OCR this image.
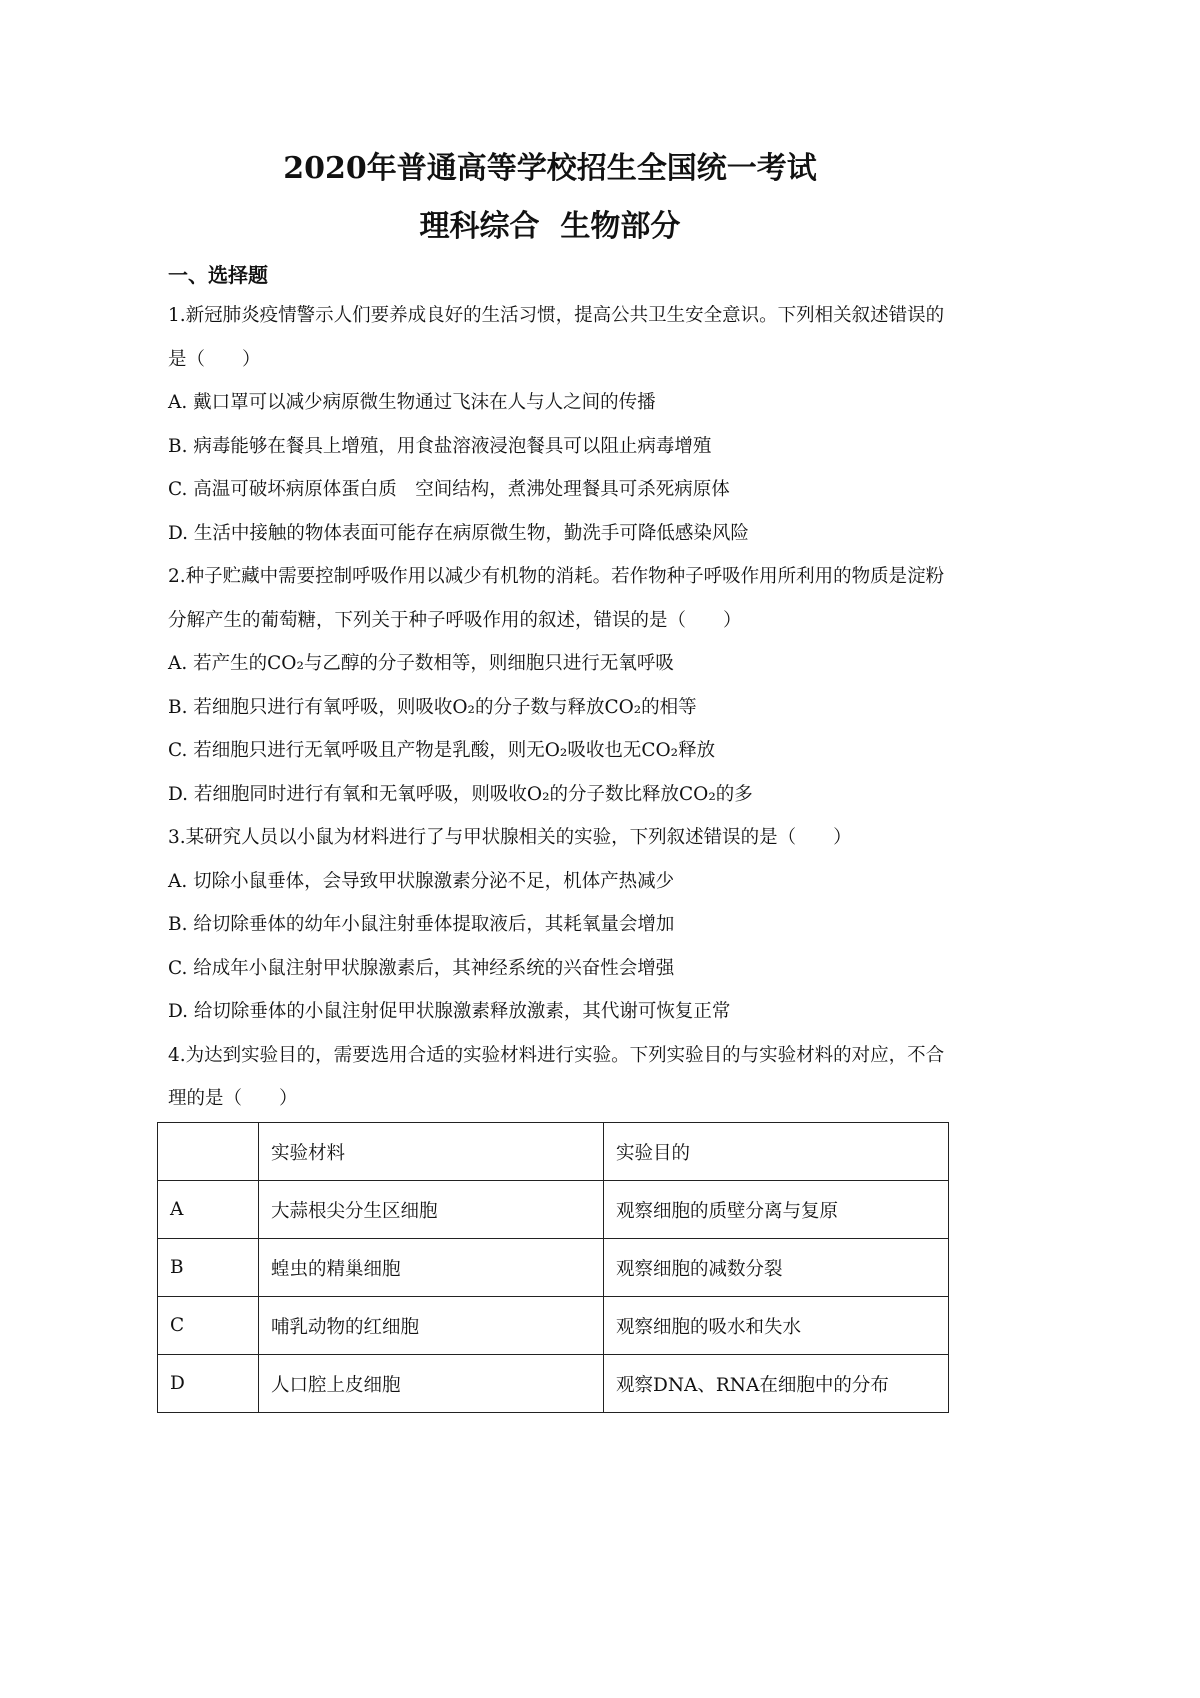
2020年普通高等学校招生全国统一考试
理科综合  生物部分
一、选择题
1.新冠肺炎疫情警示人们要养成良好的生活习惯，提高公共卫生安全意识。下列相关叙述错误的是（　　）
A. 戴口罩可以减少病原微生物通过飞沫在人与人之间的传播
B. 病毒能够在餐具上增殖，用食盐溶液浸泡餐具可以阻止病毒增殖
C. 高温可破坏病原体蛋白质　空间结构，煮沸处理餐具可杀死病原体
D. 生活中接触的物体表面可能存在病原微生物，勤洗手可降低感染风险
2.种子贮藏中需要控制呼吸作用以减少有机物的消耗。若作物种子呼吸作用所利用的物质是淀粉分解产生的葡萄糖，下列关于种子呼吸作用的叙述，错误的是（　　）
A. 若产生的CO₂与乙醇的分子数相等，则细胞只进行无氧呼吸
B. 若细胞只进行有氧呼吸，则吸收O₂的分子数与释放CO₂的相等
C. 若细胞只进行无氧呼吸且产物是乳酸，则无O₂吸收也无CO₂释放
D. 若细胞同时进行有氧和无氧呼吸，则吸收O₂的分子数比释放CO₂的多
3.某研究人员以小鼠为材料进行了与甲状腺相关的实验，下列叙述错误的是（　　）
A. 切除小鼠垂体，会导致甲状腺激素分泌不足，机体产热减少
B. 给切除垂体的幼年小鼠注射垂体提取液后，其耗氧量会增加
C. 给成年小鼠注射甲状腺激素后，其神经系统的兴奋性会增强
D. 给切除垂体的小鼠注射促甲状腺激素释放激素，其代谢可恢复正常
4.为达到实验目的，需要选用合适的实验材料进行实验。下列实验目的与实验材料的对应，不合理的是（　　）
	实验材料	实验目的
A	大蒜根尖分生区细胞	观察细胞的质壁分离与复原
B	蝗虫的精巢细胞	观察细胞的减数分裂
C	哺乳动物的红细胞	观察细胞的吸水和失水
D	人口腔上皮细胞	观察DNA、RNA在细胞中的分布
